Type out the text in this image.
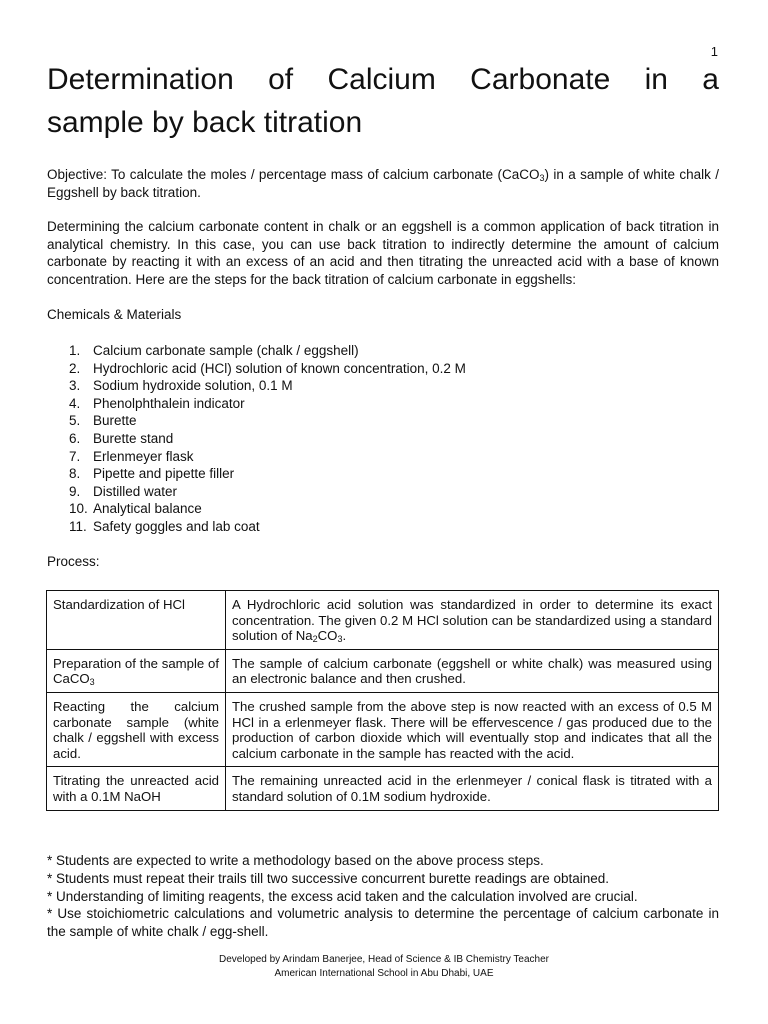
1
Determination of Calcium Carbonate in a
sample by back titration

Objective: To calculate the moles / percentage mass of calcium carbonate (CaCO$_3$) in a sample of white chalk / Eggshell by back titration.

Determining the calcium carbonate content in chalk or an eggshell is a common application of back titration in analytical chemistry. In this case, you can use back titration to indirectly determine the amount of calcium carbonate by reacting it with an excess of an acid and then titrating the unreacted acid with a base of known concentration. Here are the steps for the back titration of calcium carbonate in eggshells:

Chemicals & Materials

1. Calcium carbonate sample (chalk / eggshell)
2. Hydrochloric acid (HCl) solution of known concentration, 0.2 M
3. Sodium hydroxide solution, 0.1 M
4. Phenolphthalein indicator
5. Burette
6. Burette stand
7. Erlenmeyer flask
8. Pipette and pipette filler
9. Distilled water
10. Analytical balance
11. Safety goggles and lab coat

Process:

Standardization of HCl	A Hydrochloric acid solution was standardized in order to determine its exact concentration. The given 0.2 M HCl solution can be standardized using a standard solution of $Na_2CO_3$.
Preparation of the sample of CaCO$_3$	The sample of calcium carbonate (eggshell or white chalk) was measured using an electronic balance and then crushed.
Reacting the calcium carbonate sample (white chalk / eggshell with excess acid.	The crushed sample from the above step is now reacted with an excess of 0.5 M HCl in a erlenmeyer flask. There will be effervescence / gas produced due to the production of carbon dioxide which will eventually stop and indicates that all the calcium carbonate in the sample has reacted with the acid.
Titrating the unreacted acid with a 0.1M NaOH	The remaining unreacted acid in the erlenmeyer / conical flask is titrated with a standard solution of 0.1M sodium hydroxide.

* Students are expected to write a methodology based on the above process steps.

* Students must repeat their trails till two successive concurrent burette readings are obtained.

* Understanding of limiting reagents, the excess acid taken and the calculation involved are crucial.

* Use stoichiometric calculations and volumetric analysis to determine the percentage of calcium carbonate in the sample of white chalk / egg-shell.

Developed by Arindam Banerjee, Head of Science & IB Chemistry Teacher
American International School in Abu Dhabi, UAE
